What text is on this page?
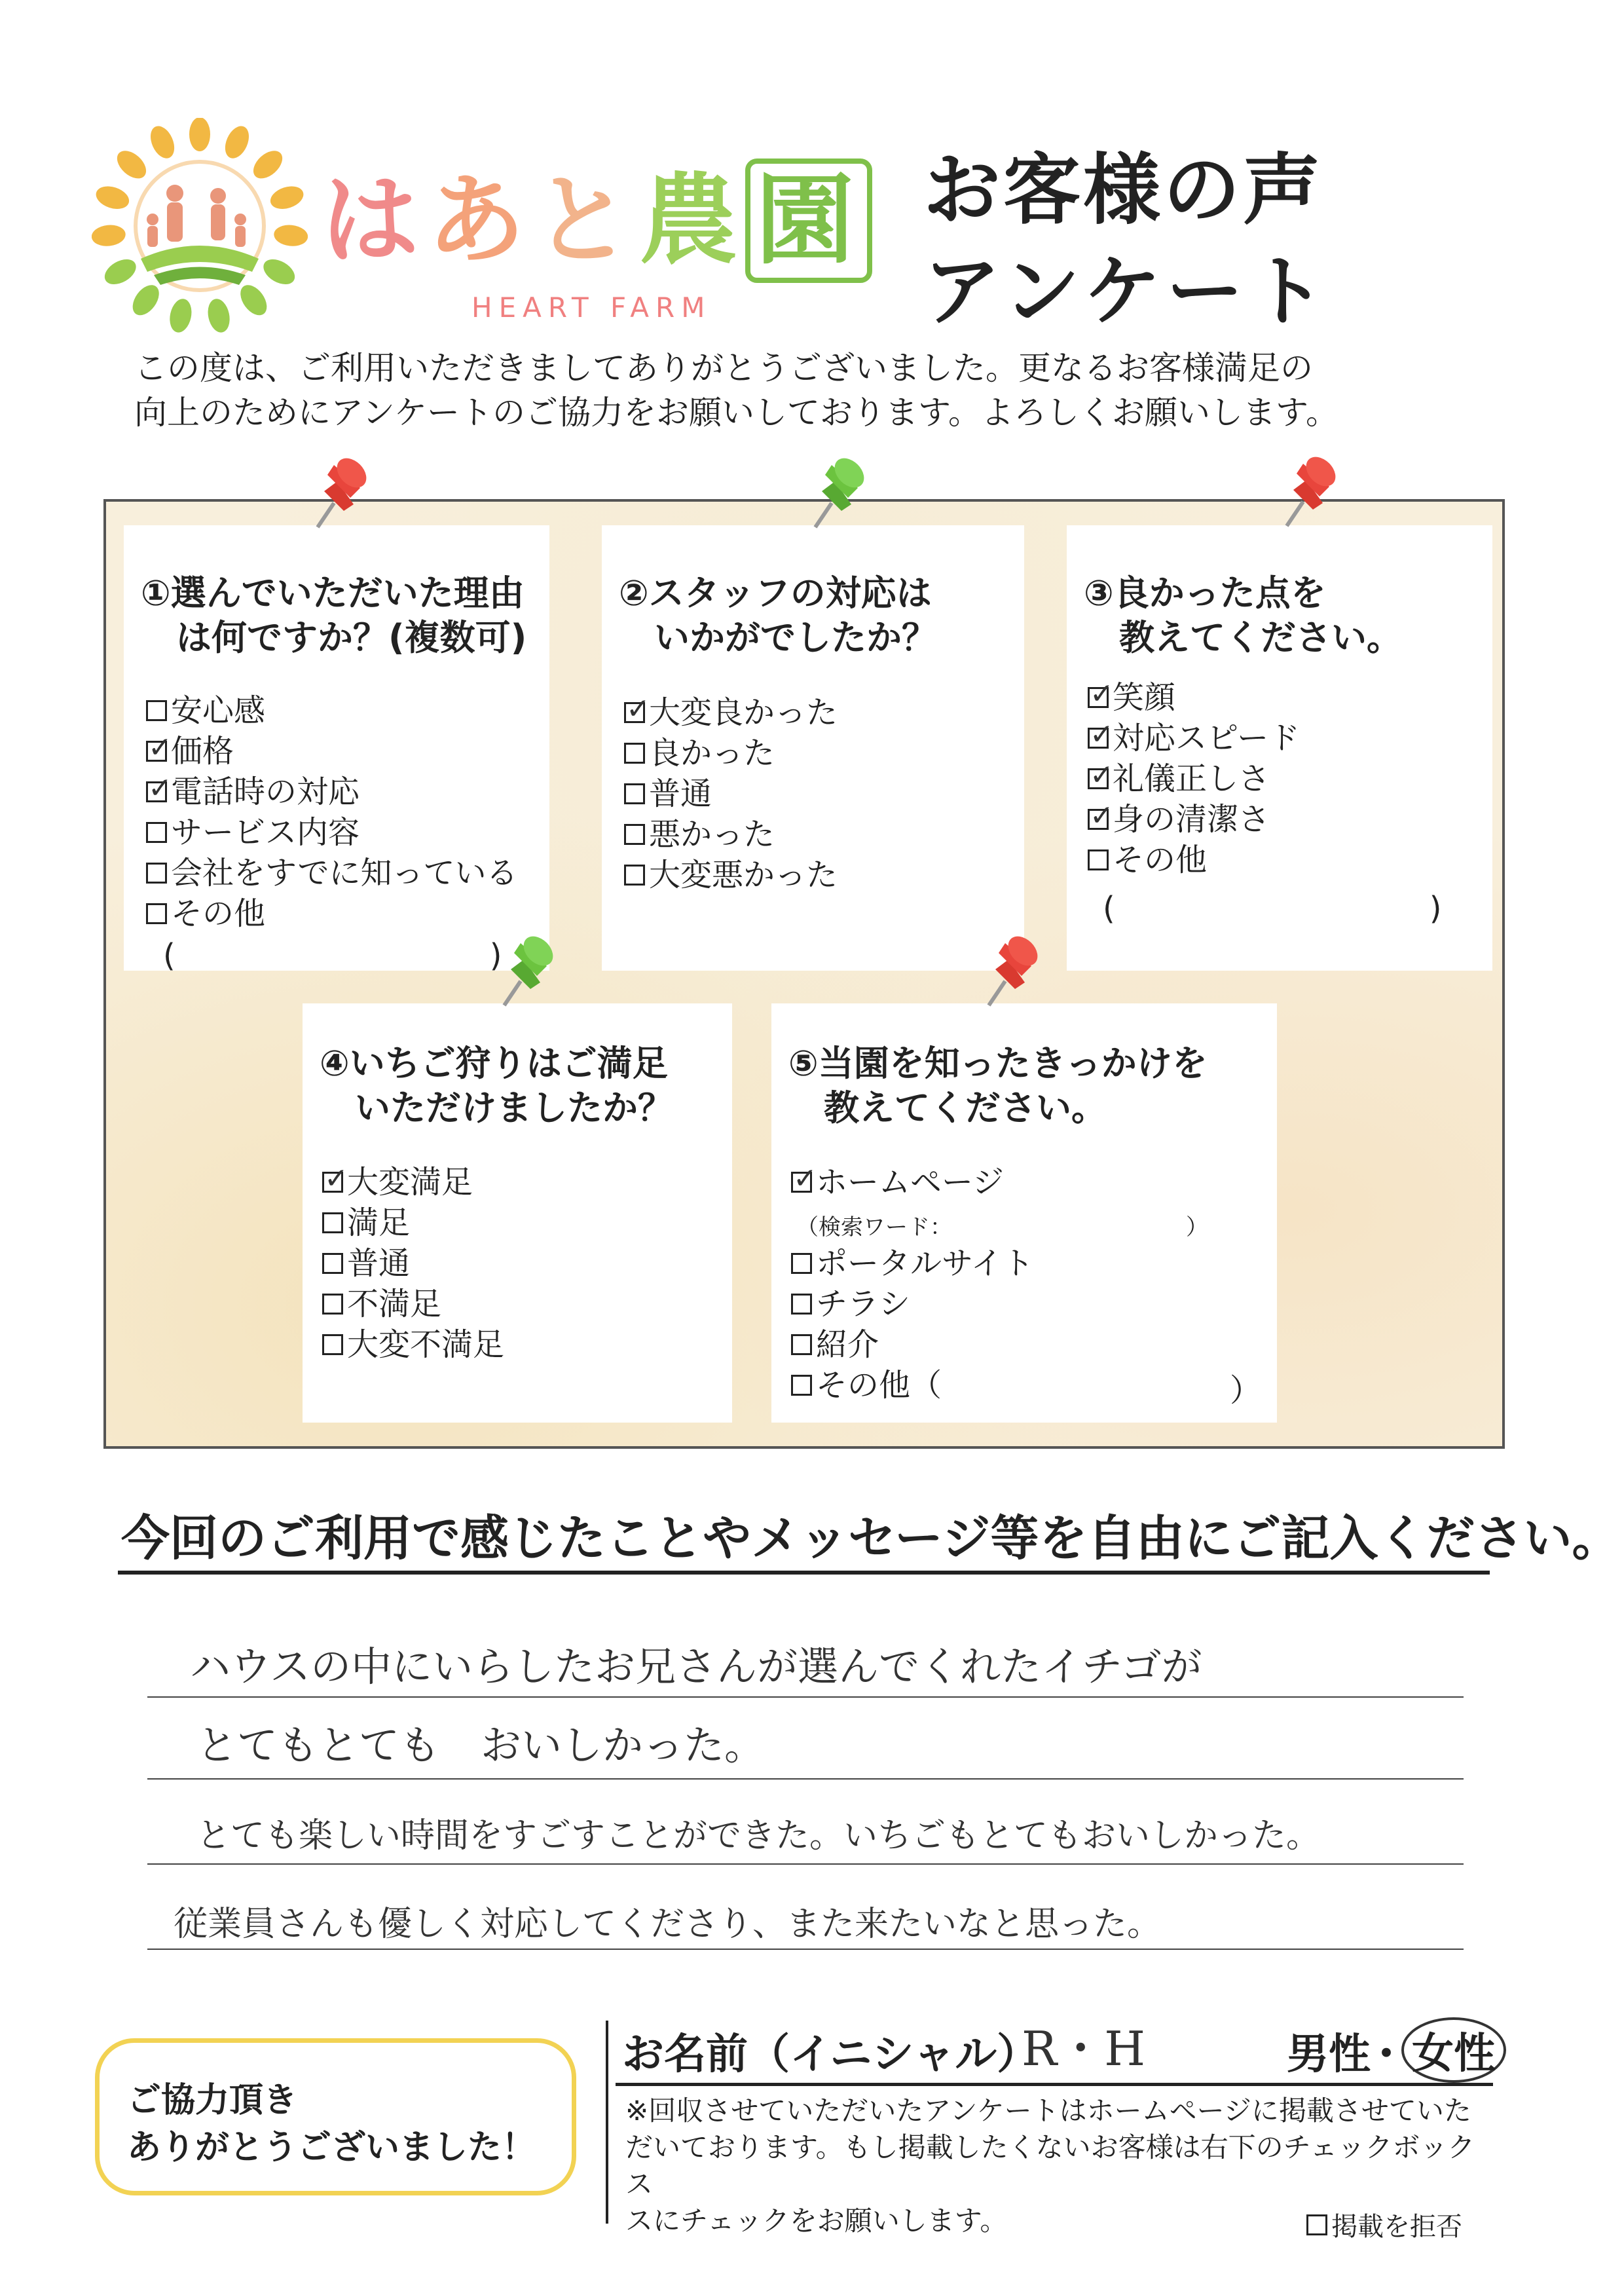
はあと農 園
HEART FARM
お客様の声
アンケート
この度は、ご利用いただきましてありがとうございました。更なるお客様満足の
向上のためにアンケートのご協力をお願いしております。よろしくお願いします。
①選んでいただいた理由
　は何ですか？(複数可)
安心感
✓
価格
✓
電話時の対応
サービス内容
会社をすでに知っている
その他
(　　　　　　　　　　)
②スタッフの対応は
　いかがでしたか？
✓
大変良かった
良かった
普通
悪かった
大変悪かった
③良かった点を
　教えてください。
✓
笑顔
✓
対応スピード
✓
礼儀正しさ
✓
身の清潔さ
その他
(　　　　　　　　　　)
④いちご狩りはご満足
　いただけましたか？
✓
大変満足
満足
普通
不満足
大変不満足
⑤当園を知ったきっかけを
　教えてください。
✓
ホームページ
ポータルサイト
チラシ
紹介
その他（
（検索ワード：　　　　　　　　　　　）
）
今回のご利用で感じたことやメッセージ等を自由にご記入ください。
ハウスの中にいらしたお兄さんが選んでくれたイチゴが
とてもとても　おいしかった。
とても楽しい時間をすごすことができた。いちごもとてもおいしかった。
従業員さんも優しく対応してくださり、また来たいなと思った。
ご協力頂き
ありがとうございました！
お名前（イニシャル）
R・H	男性
・ 女性
※回収させていただいたアンケートはホームページに掲載させていた
だいております。もし掲載したくないお客様は右下のチェックボックス
スにチェックをお願いします。	掲載を拒否
